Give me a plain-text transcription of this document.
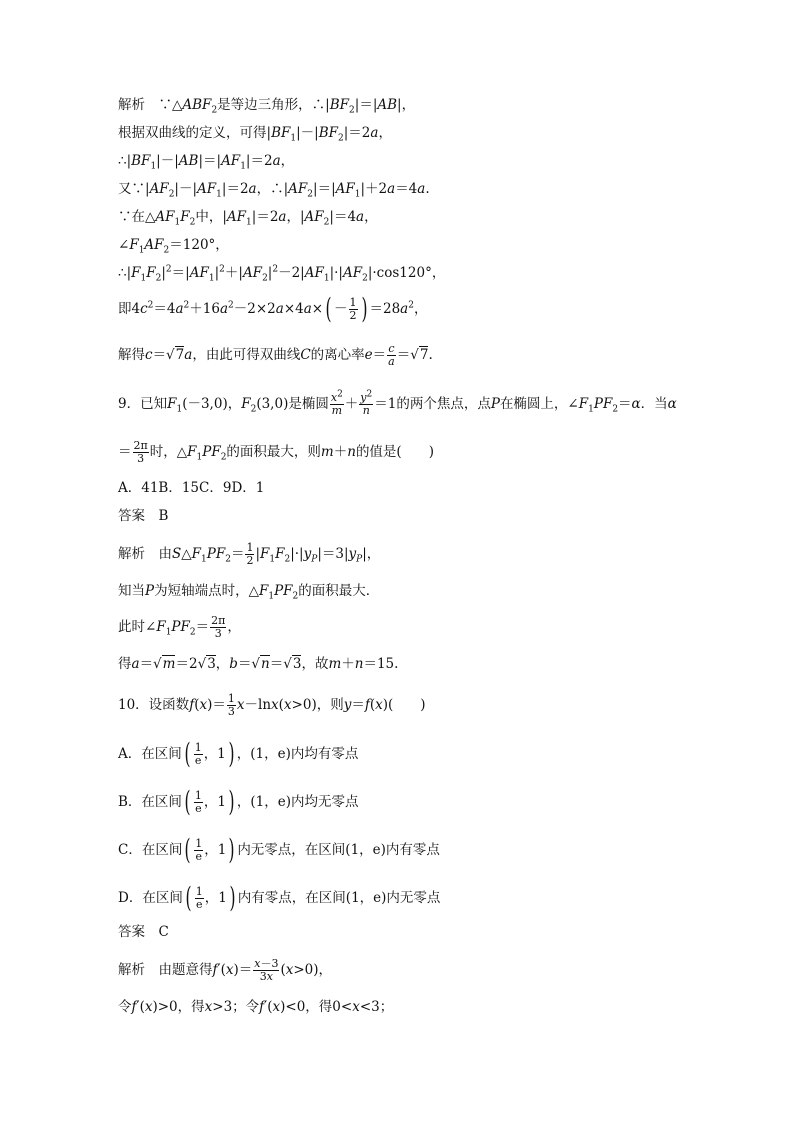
解析　$\because\triangle ABF_2$是等边三角形，$\therefore|BF_2|=|AB|$，
根据双曲线的定义，可得$|BF_1|-|BF_2|=2a$，
$\therefore|BF_1|-|AB|=|AF_1|=2a$，
又$\because|AF_2|-|AF_1|=2a$，$\therefore|AF_2|=|AF_1|+2a=4a$.
∵在$\triangle AF_1F_2$中，$|AF_1|=2a$，$|AF_2|=4a$，
$\angle F_1AF_2=120^\circ$，
$\therefore|F_1F_2|^2=|AF_1|^2+|AF_2|^2-2|AF_1|\cdot|AF_2|\cdot\cos 120^\circ$，
即$4c^2=4a^2+16a^2-2\times 2a\times 4a\times( - \frac{1}{2}$ ) $=28a^2$，
解得c＝√7a，由此可得双曲线C的离心率$e= \frac{c}{a} =√7$.
9．已知$F_1(-3,0)$，$F_2(3,0)$是椭圆 $\frac{x^2}{m} + \frac{y^2}{n} =1$的两个焦点，点P在椭圆上，$\angle F_1PF_2=\alpha$．当α
＝ $\frac{2\pi}{3}$ 时，$\triangle F_1PF_2$的面积最大，则m＋n的值是(　　)
A．41B．15C．9D．1
答案　B
解析　由$S\triangle F_1PF_2= \frac{1}{2} |F_1F_2|\cdot|y_P|=3|y_P|$，
知当P为短轴端点时，$\triangle F_1PF_2$的面积最大．
此时$\angle F_1PF_2= \frac{2\pi}{3}$ ，
得a＝√m＝2√3，b＝√n＝√3，故m＋n＝15.
10．设函数$f(x)= \frac{1}{3} x-\ln x(x>0)$，则y＝f(x)(　　)
A．在区间( $\frac{1}{e}$ ，1) ，(1，e)内均有零点
B．在区间( $\frac{1}{e}$ ，1) ，(1，e)内均无零点
C．在区间( $\frac{1}{e}$ ，1) 内无零点，在区间(1，e)内有零点
D．在区间( $\frac{1}{e}$ ，1) 内有零点，在区间(1，e)内无零点
答案　C
解析　由题意得$f'(x)= \frac{x-3}{3x} (x>0)$，
令f′(x)>0，得x>3；令f′(x)<0，得0<x<3；
